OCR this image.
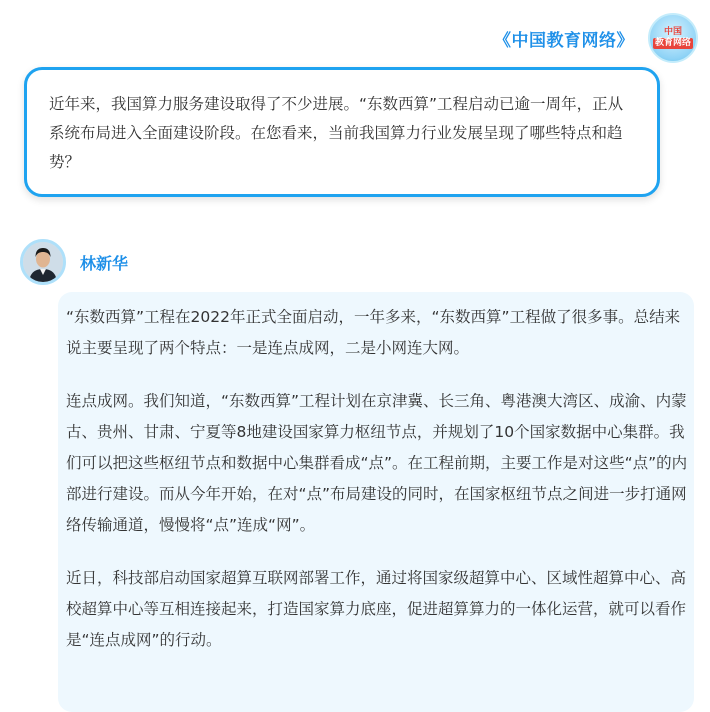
《中国教育网络》	中国
教育网络

近年来，我国算力服务建设取得了不少进展。“东数西算”工程启动已逾一周年，正从系统布局进入全面建设阶段。在您看来，当前我国算力行业发展呈现了哪些特点和趋势？

林新华

“东数西算”工程在2022年正式全面启动，一年多来，“东数西算”工程做了很多事。总结来说主要呈现了两个特点：一是连点成网，二是小网连大网。

连点成网。我们知道，“东数西算”工程计划在京津冀、长三角、粤港澳大湾区、成渝、内蒙古、贵州、甘肃、宁夏等8地建设国家算力枢纽节点，并规划了10个国家数据中心集群。我们可以把这些枢纽节点和数据中心集群看成“点”。在工程前期，主要工作是对这些“点”的内部进行建设。而从今年开始，在对“点”布局建设的同时，在国家枢纽节点之间进一步打通网络传输通道，慢慢将“点”连成“网”。

近日，科技部启动国家超算互联网部署工作，通过将国家级超算中心、区域性超算中心、高校超算中心等互相连接起来，打造国家算力底座，促进超算算力的一体化运营，就可以看作是“连点成网”的行动。
